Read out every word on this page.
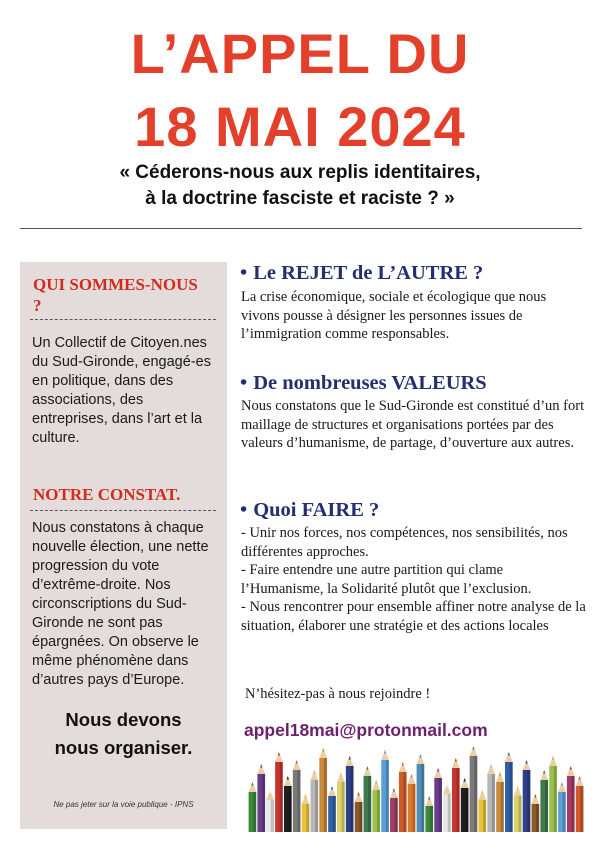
L’APPEL DU
18 MAI 2024

« Céderons-nous aux replis identitaires,
à la doctrine fasciste et raciste ? »

QUI SOMMES-NOUS ?

Un Collectif de Citoyen.nes du Sud-Gironde, engagé-es en politique, dans des associations, des entreprises, dans l’art et la culture.

NOTRE CONSTAT.

Nous constatons à chaque nouvelle élection, une nette progression du vote d’extrême-droite. Nos circonscriptions du Sud-Gironde ne sont pas épargnées. On observe le même phénomène dans d’autres pays d’Europe.

Nous devons
nous organiser.

Ne pas jeter sur la voie publique - IPNS

• Le REJET de L’AUTRE ?

La crise économique, sociale et écologique que nous vivons pousse à désigner les personnes issues de l’immigration comme responsables.

• De nombreuses VALEURS

Nous constatons que le Sud-Gironde est constitué d’un fort maillage de structures et organisations portées par des valeurs d’humanisme, de partage, d’ouverture aux autres.

• Quoi FAIRE ?

- Unir nos forces, nos compétences, nos sensibilités, nos différentes approches.
- Faire entendre une autre partition qui clame l’Humanisme, la Solidarité plutôt que l’exclusion.
- Nous rencontrer pour ensemble affiner notre analyse de la situation, élaborer une stratégie et des actions locales

N’hésitez-pas à nous rejoindre !

appel18mai@protonmail.com
